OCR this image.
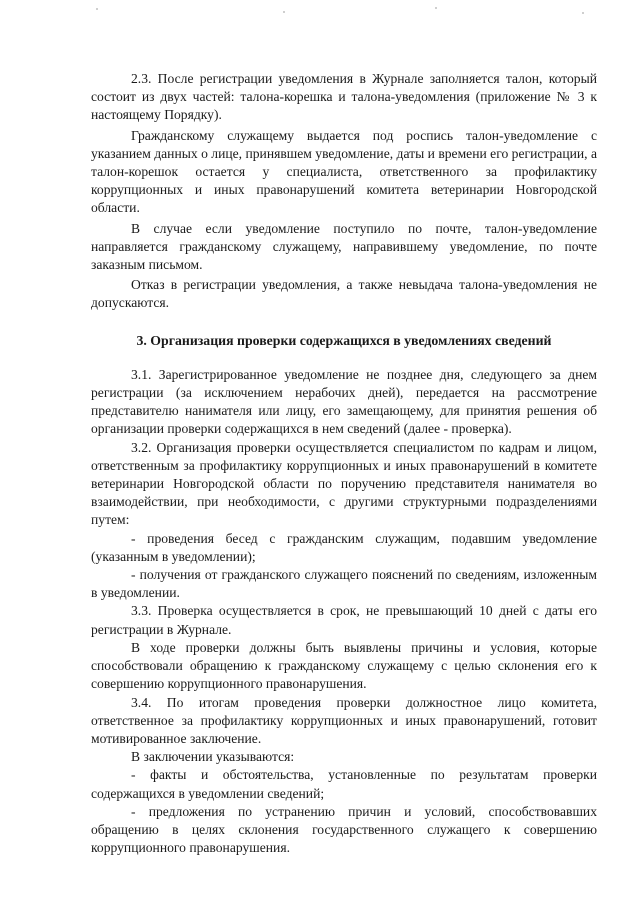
2.3. После регистрации уведомления в Журнале заполняется талон, который состоит из двух частей: талона-корешка и талона-уведомления (приложение № 3 к настоящему Порядку).

Гражданскому служащему выдается под роспись талон-уведомление с указанием данных о лице, принявшем уведомление, даты и времени его регистрации, а талон-корешок остается у специалиста, ответственного за профилактику коррупционных и иных правонарушений комитета ветеринарии Новгородской области.

В случае если уведомление поступило по почте, талон-уведомление направляется гражданскому служащему, направившему уведомление, по почте заказным письмом.

Отказ в регистрации уведомления, а также невыдача талона-уведомления не допускаются.

3. Организация проверки содержащихся в уведомлениях сведений

3.1. Зарегистрированное уведомление не позднее дня, следующего за днем регистрации (за исключением нерабочих дней), передается на рассмотрение представителю нанимателя или лицу, его замещающему, для принятия решения об организации проверки содержащихся в нем сведений (далее - проверка).

3.2. Организация проверки осуществляется специалистом по кадрам и лицом, ответственным за профилактику коррупционных и иных правонарушений в комитете ветеринарии Новгородской области по поручению представителя нанимателя во взаимодействии, при необходимости, с другими структурными подразделениями путем:

- проведения бесед с гражданским служащим, подавшим уведомление (указанным в уведомлении);

- получения от гражданского служащего пояснений по сведениям, изложенным в уведомлении.

3.3. Проверка осуществляется в срок, не превышающий 10 дней с даты его регистрации в Журнале.

В ходе проверки должны быть выявлены причины и условия, которые способствовали обращению к гражданскому служащему с целью склонения его к совершению коррупционного правонарушения.

3.4. По итогам проведения проверки должностное лицо комитета, ответственное за профилактику коррупционных и иных правонарушений, готовит мотивированное заключение.

В заключении указываются:

- факты и обстоятельства, установленные по результатам проверки содержащихся в уведомлении сведений;

- предложения по устранению причин и условий, способствовавших обращению в целях склонения государственного служащего к совершению коррупционного правонарушения.
